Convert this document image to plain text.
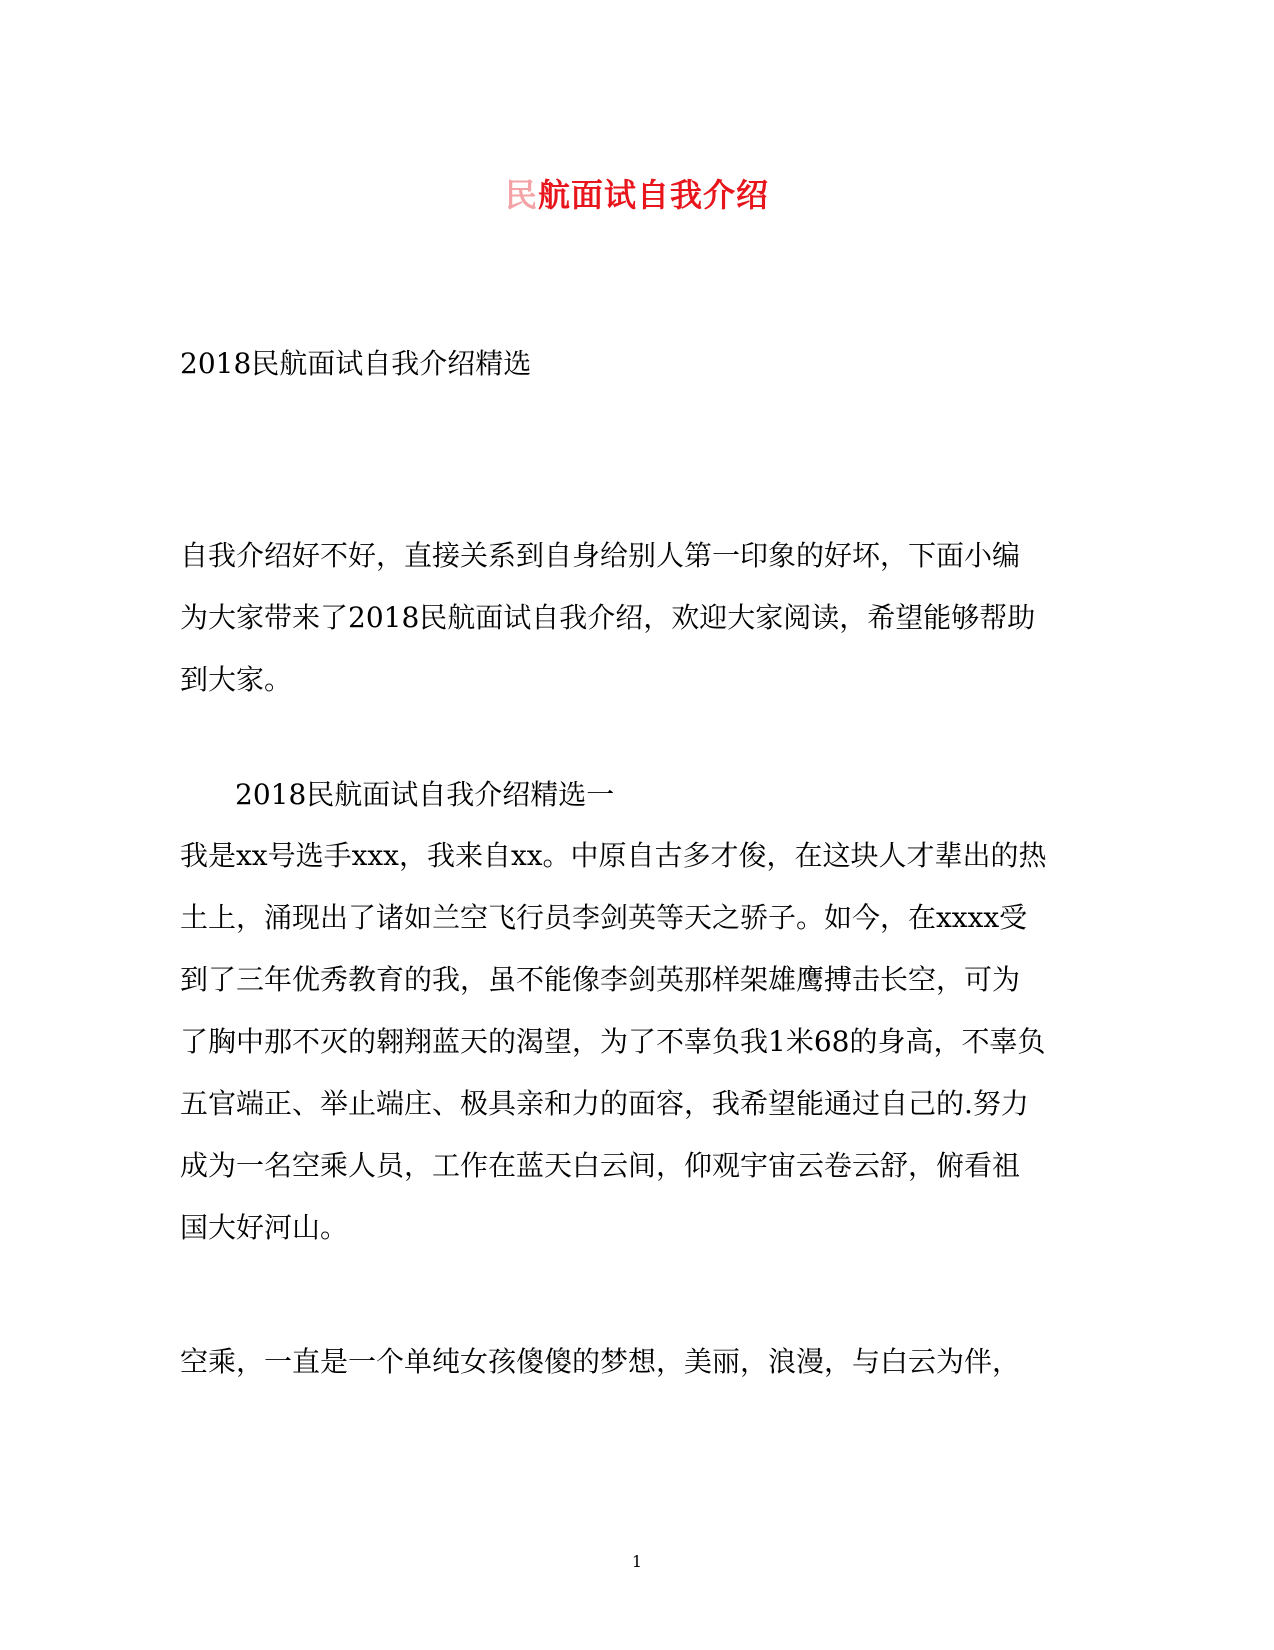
民航面试自我介绍

2018民航面试自我介绍精选

自我介绍好不好，直接关系到自身给别人第一印象的好坏，下面小编
为大家带来了2018民航面试自我介绍，欢迎大家阅读，希望能够帮助
到大家。

2018民航面试自我介绍精选一

我是xx号选手xxx，我来自xx。中原自古多才俊，在这块人才辈出的热
土上，涌现出了诸如兰空飞行员李剑英等天之骄子。如今，在xxxx受
到了三年优秀教育的我，虽不能像李剑英那样架雄鹰搏击长空，可为
了胸中那不灭的翱翔蓝天的渴望，为了不辜负我1米68的身高，不辜负
五官端正、举止端庄、极具亲和力的面容，我希望能通过自己的.努力
成为一名空乘人员，工作在蓝天白云间，仰观宇宙云卷云舒，俯看祖
国大好河山。
空乘，一直是一个单纯女孩傻傻的梦想，美丽，浪漫，与白云为伴，

1
